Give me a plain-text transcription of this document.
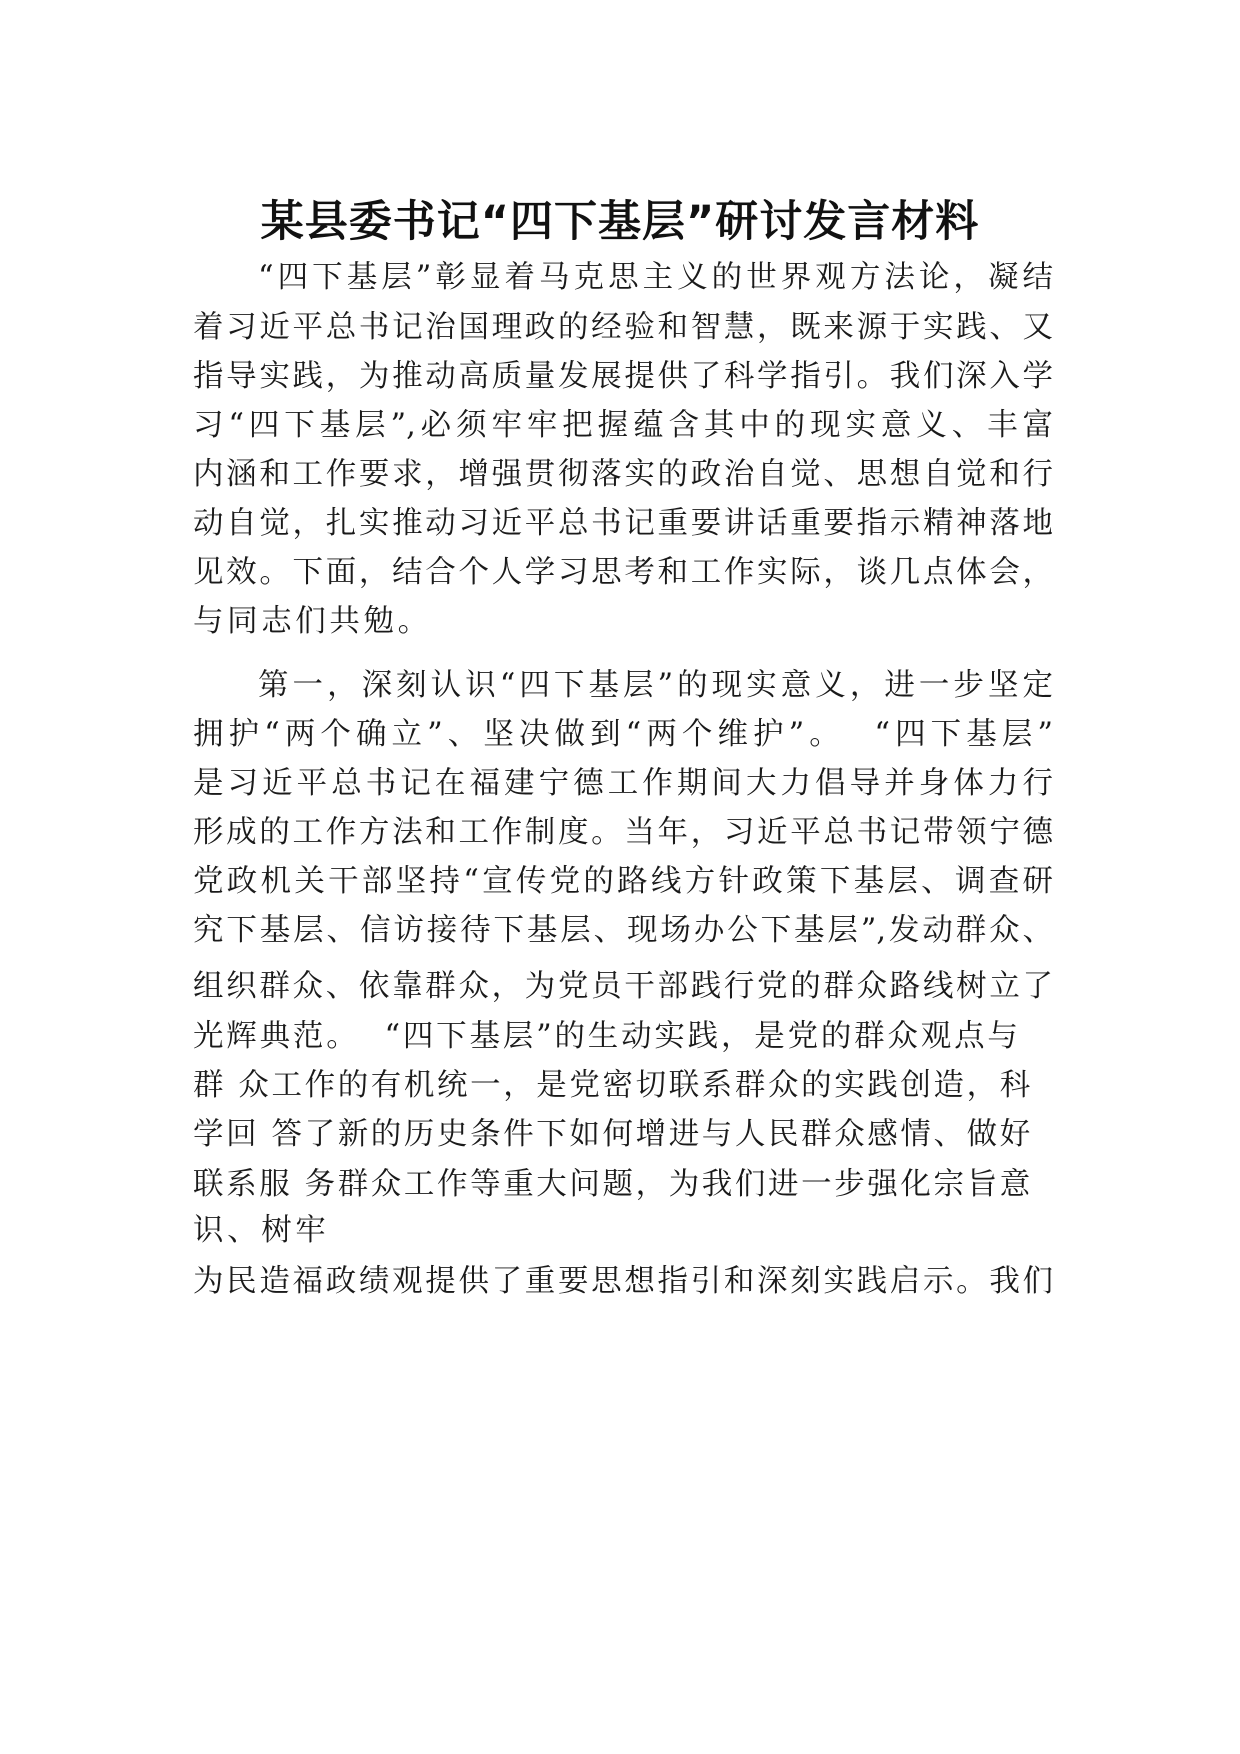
某县委书记“四下基层”研讨发言材料
“四下基层”彰显着马克思主义的世界观方法论，凝结
着习近平总书记治国理政的经验和智慧，既来源于实践、又
指导实践，为推动高质量发展提供了科学指引。我们深入学
习“四下基层”,必须牢牢把握蕴含其中的现实意义、丰富
内涵和工作要求，增强贯彻落实的政治自觉、思想自觉和行
动自觉，扎实推动习近平总书记重要讲话重要指示精神落地
见效。下面，结合个人学习思考和工作实际，谈几点体会，
与同志们共勉。
第一，深刻认识“四下基层”的现实意义，进一步坚定
拥护“两个确立”、坚决做到“两个维护”。  “四下基层”
是习近平总书记在福建宁德工作期间大力倡导并身体力行
形成的工作方法和工作制度。当年，习近平总书记带领宁德
党政机关干部坚持“宣传党的路线方针政策下基层、调查研
究下基层、信访接待下基层、现场办公下基层”,发动群众、
组织群众、依靠群众，为党员干部践行党的群众路线树立了
光辉典范。  “四下基层”的生动实践，是党的群众观点与
群 众工作的有机统一，是党密切联系群众的实践创造，科
学回 答了新的历史条件下如何增进与人民群众感情、做好
联系服 务群众工作等重大问题，为我们进一步强化宗旨意
识、树牢
为民造福政绩观提供了重要思想指引和深刻实践启示。我们
